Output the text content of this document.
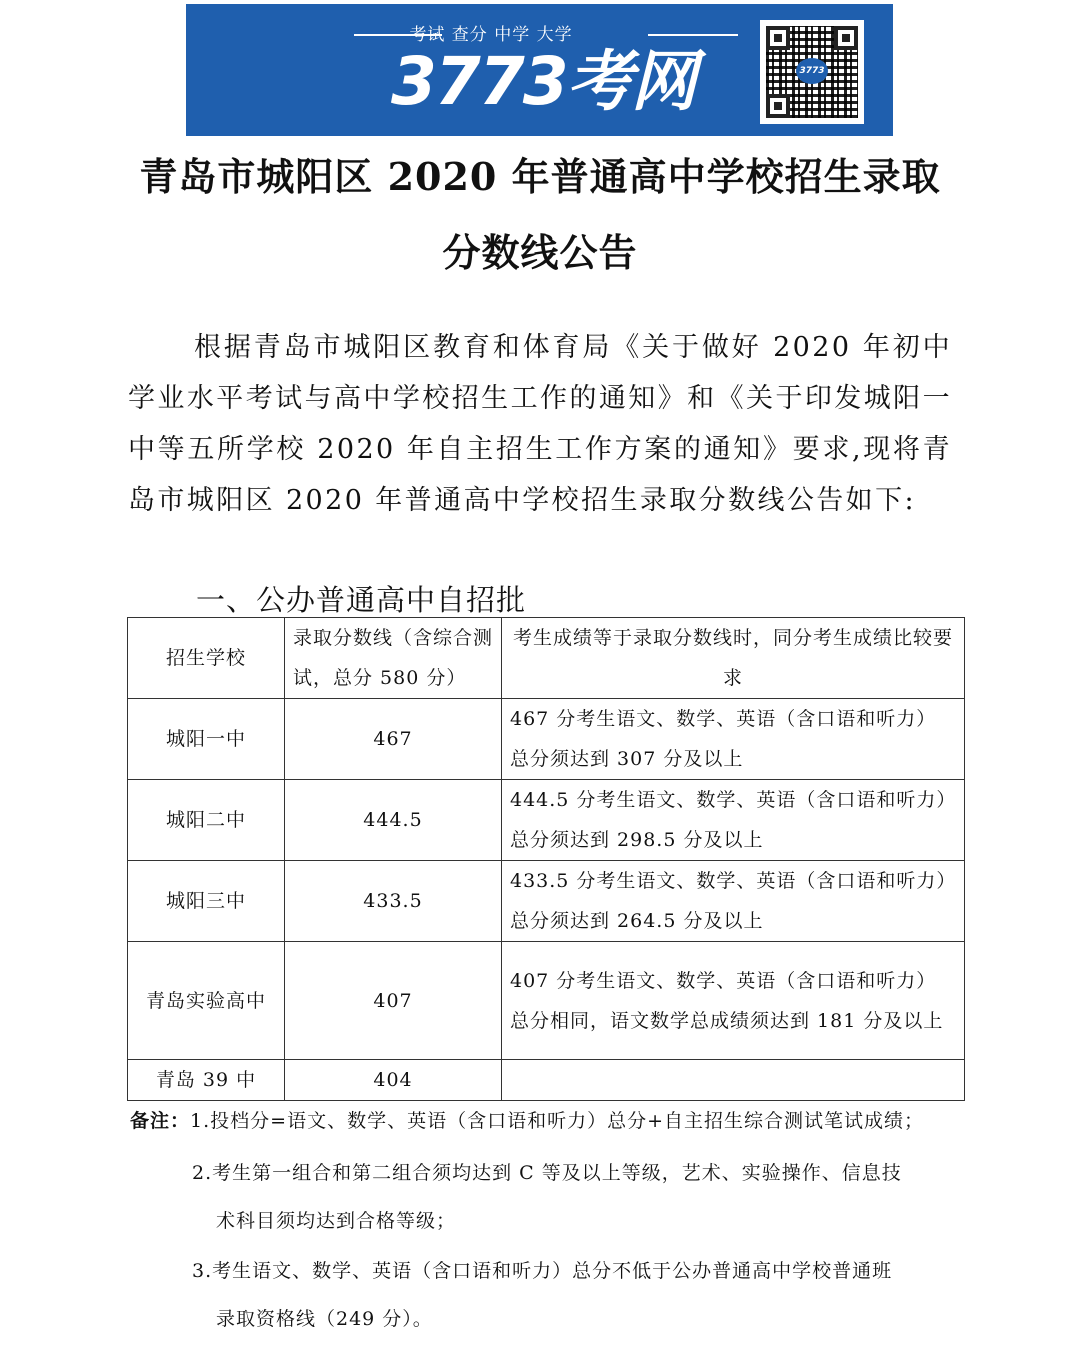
考试 查分 中学 大学
3773考网	3773
青岛市城阳区 2020 年普通高中学校招生录取
分数线公告
根据青岛市城阳区教育和体育局《关于做好 2020 年初中学业水平考试与高中学校招生工作的通知》和《关于印发城阳一中等五所学校 2020 年自主招生工作方案的通知》要求,现将青岛市城阳区 2020 年普通高中学校招生录取分数线公告如下:
一、公办普通高中自招批
招生学校	录取分数线（含综合测试，总分 580 分）	考生成绩等于录取分数线时，同分考生成绩比较要求
城阳一中	467	467 分考生语文、数学、英语（含口语和听力）总分须达到 307 分及以上
城阳二中	444.5	444.5 分考生语文、数学、英语（含口语和听力）总分须达到 298.5 分及以上
城阳三中	433.5	433.5 分考生语文、数学、英语（含口语和听力）总分须达到 264.5 分及以上
青岛实验高中	407	407 分考生语文、数学、英语（含口语和听力）总分相同，语文数学总成绩须达到 181 分及以上
青岛 39 中	404	
备注：1.投档分=语文、数学、英语（含口语和听力）总分+自主招生综合测试笔试成绩；
2.考生第一组合和第二组合须均达到 C 等及以上等级，艺术、实验操作、信息技
术科目须均达到合格等级；
3.考生语文、数学、英语（含口语和听力）总分不低于公办普通高中学校普通班
录取资格线（249 分）。
